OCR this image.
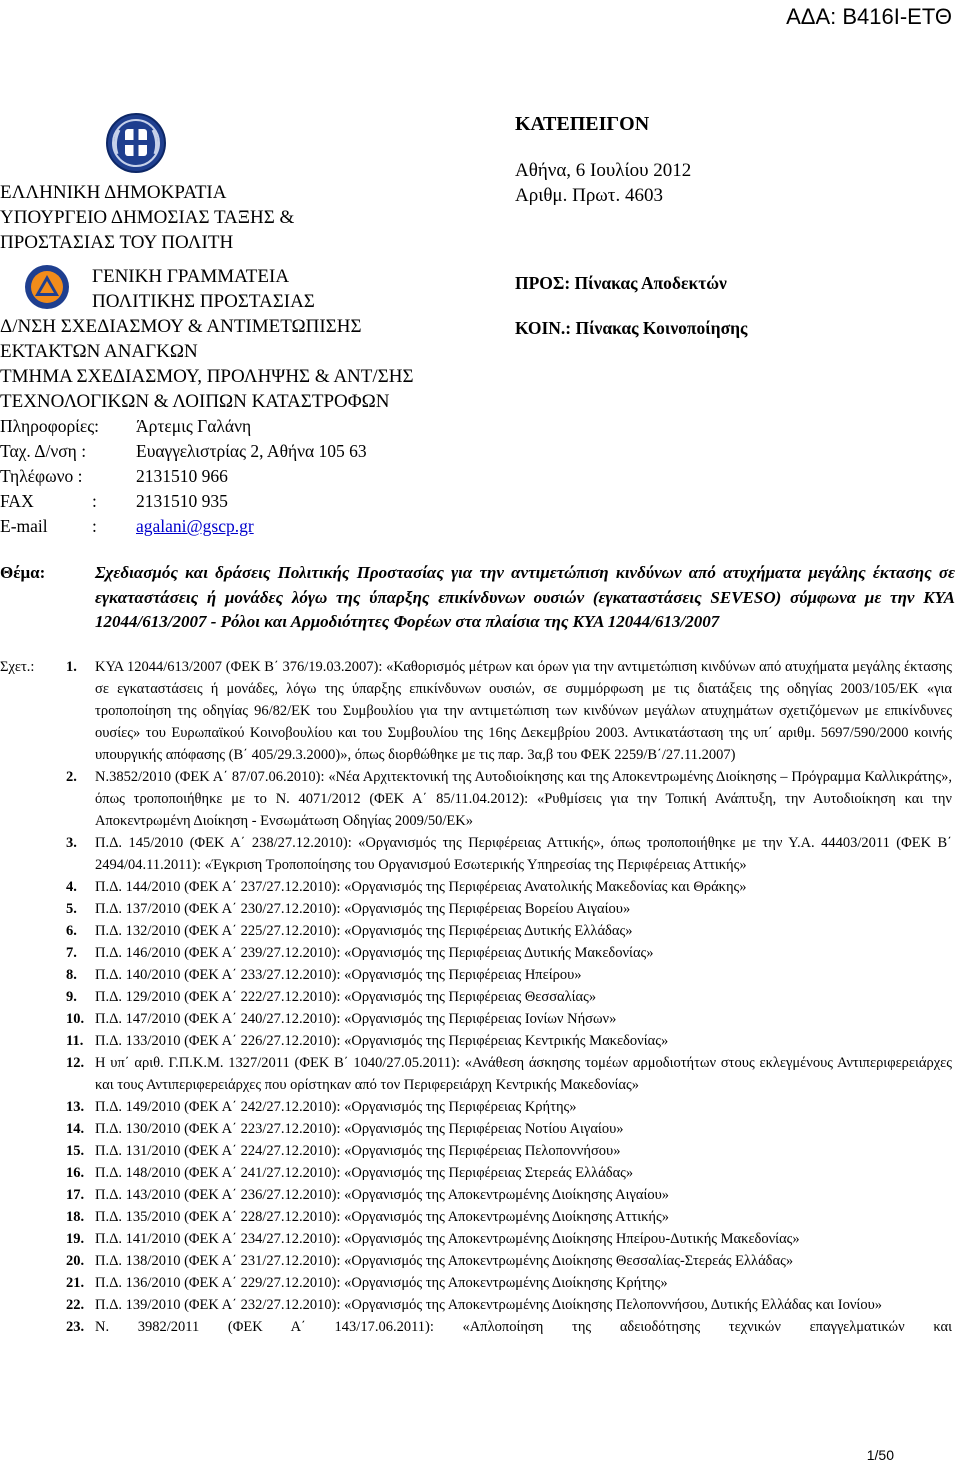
ΑΔΑ: Β416Ι-ΕΤΘ
ΕΛΛΗΝΙΚΗ ΔΗΜΟΚΡΑΤΙΑ
ΥΠΟΥΡΓΕΙΟ ΔΗΜΟΣΙΑΣ ΤΑΞΗΣ &
ΠΡΟΣΤΑΣΙΑΣ ΤΟΥ ΠΟΛΙΤΗ
ΓΕΝΙΚΗ ΓΡΑΜΜΑΤΕΙΑ
ΠΟΛΙΤΙΚΗΣ ΠΡΟΣΤΑΣΙΑΣ
Δ/ΝΣΗ ΣΧΕΔΙΑΣΜΟΥ & ΑΝΤΙΜΕΤΩΠΙΣΗΣ
ΕΚΤΑΚΤΩΝ ΑΝΑΓΚΩΝ
ΤΜΗΜΑ ΣΧΕΔΙΑΣΜΟΥ, ΠΡΟΛΗΨΗΣ & ΑΝΤ/ΣΗΣ
ΤΕΧΝΟΛΟΓΙΚΩΝ & ΛΟΙΠΩΝ ΚΑΤΑΣΤΡΟΦΩΝ
Πληροφορίες:	Άρτεμις Γαλάνη
Ταχ. Δ/νση :	Ευαγγελιστρίας 2, Αθήνα 105 63
Τηλέφωνο :	2131510 966
FAX	: 2131510 935
E-mail	: agalani@gscp.gr
ΚΑΤΕΠΕΙΓΟΝ
Αθήνα, 6 Ιουλίου 2012
Αριθμ. Πρωτ. 4603
ΠΡΟΣ: Πίνακας Αποδεκτών
ΚΟΙΝ.: Πίνακας Κοινοποίησης
Θέμα:	Σχεδιασμός και δράσεις Πολιτικής Προστασίας για την αντιμετώπιση κινδύνων από ατυχήματα μεγάλης έκτασης σε εγκαταστάσεις ή μονάδες λόγω της ύπαρξης επικίνδυνων ουσιών (εγκαταστάσεις SEVESO) σύμφωνα με την ΚΥΑ 12044/613/2007 - Ρόλοι και Αρμοδιότητες Φορέων στα πλαίσια της ΚΥΑ 12044/613/2007
Σχετ.: 1. ΚΥΑ 12044/613/2007 (ΦΕΚ Β΄ 376/19.03.2007): «Καθορισμός μέτρων και όρων για την αντιμετώπιση κινδύνων από ατυχήματα μεγάλης έκτασης σε εγκαταστάσεις ή μονάδες, λόγω της ύπαρξης επικίνδυνων ουσιών, σε συμμόρφωση με τις διατάξεις της οδηγίας 2003/105/ΕΚ «για τροποποίηση της οδηγίας 96/82/ΕΚ του Συμβουλίου για την αντιμετώπιση των κινδύνων μεγάλων ατυχημάτων σχετιζόμενων με επικίνδυνες ουσίες» του Ευρωπαϊκού Κοινοβουλίου και του Συμβουλίου της 16ης Δεκεμβρίου 2003. Αντικατάσταση της υπ΄ αριθμ. 5697/590/2000 κοινής υπουργικής απόφασης (Β΄ 405/29.3.2000)», όπως διορθώθηκε με τις παρ. 3α,β του ΦΕΚ 2259/Β΄/27.11.2007)
2. Ν.3852/2010 (ΦΕΚ Α΄ 87/07.06.2010): «Νέα Αρχιτεκτονική της Αυτοδιοίκησης και της Αποκεντρωμένης Διοίκησης – Πρόγραμμα Καλλικράτης», όπως τροποποιήθηκε με το Ν. 4071/2012 (ΦΕΚ Α΄ 85/11.04.2012): «Ρυθμίσεις για την Τοπική Ανάπτυξη, την Αυτοδιοίκηση και την Αποκεντρωμένη Διοίκηση - Ενσωμάτωση Οδηγίας 2009/50/ΕΚ»
3. Π.Δ. 145/2010 (ΦΕΚ Α΄ 238/27.12.2010): «Οργανισμός της Περιφέρειας Αττικής», όπως τροποποιήθηκε με την Υ.Α. 44403/2011 (ΦΕΚ Β΄ 2494/04.11.2011): «Έγκριση Τροποποίησης του Οργανισμού Εσωτερικής Υπηρεσίας της Περιφέρειας Αττικής»
4. Π.Δ. 144/2010 (ΦΕΚ Α΄ 237/27.12.2010): «Οργανισμός της Περιφέρειας Ανατολικής Μακεδονίας και Θράκης»
5. Π.Δ. 137/2010 (ΦΕΚ Α΄ 230/27.12.2010): «Οργανισμός της Περιφέρειας Βορείου Αιγαίου»
6. Π.Δ. 132/2010 (ΦΕΚ Α΄ 225/27.12.2010): «Οργανισμός της Περιφέρειας Δυτικής Ελλάδας»
7. Π.Δ. 146/2010 (ΦΕΚ Α΄ 239/27.12.2010): «Οργανισμός της Περιφέρειας Δυτικής Μακεδονίας»
8. Π.Δ. 140/2010 (ΦΕΚ Α΄ 233/27.12.2010): «Οργανισμός της Περιφέρειας Ηπείρου»
9. Π.Δ. 129/2010 (ΦΕΚ Α΄ 222/27.12.2010): «Οργανισμός της Περιφέρειας Θεσσαλίας»
10. Π.Δ. 147/2010 (ΦΕΚ Α΄ 240/27.12.2010): «Οργανισμός της Περιφέρειας Ιονίων Νήσων»
11. Π.Δ. 133/2010 (ΦΕΚ Α΄ 226/27.12.2010): «Οργανισμός της Περιφέρειας Κεντρικής Μακεδονίας»
12. Η υπ΄ αριθ. Γ.Π.Κ.Μ. 1327/2011 (ΦΕΚ Β΄ 1040/27.05.2011): «Ανάθεση άσκησης τομέων αρμοδιοτήτων στους εκλεγμένους Αντιπεριφερειάρχες και τους Αντιπεριφερειάρχες που ορίστηκαν από τον Περιφερειάρχη Κεντρικής Μακεδονίας»
13. Π.Δ. 149/2010 (ΦΕΚ Α΄ 242/27.12.2010): «Οργανισμός της Περιφέρειας Κρήτης»
14. Π.Δ. 130/2010 (ΦΕΚ Α΄ 223/27.12.2010): «Οργανισμός της Περιφέρειας Νοτίου Αιγαίου»
15. Π.Δ. 131/2010 (ΦΕΚ Α΄ 224/27.12.2010): «Οργανισμός της Περιφέρειας Πελοποννήσου»
16. Π.Δ. 148/2010 (ΦΕΚ Α΄ 241/27.12.2010): «Οργανισμός της Περιφέρειας Στερεάς Ελλάδας»
17. Π.Δ. 143/2010 (ΦΕΚ Α΄ 236/27.12.2010): «Οργανισμός της Αποκεντρωμένης Διοίκησης Αιγαίου»
18. Π.Δ. 135/2010 (ΦΕΚ Α΄ 228/27.12.2010): «Οργανισμός της Αποκεντρωμένης Διοίκησης Αττικής»
19. Π.Δ. 141/2010 (ΦΕΚ Α΄ 234/27.12.2010): «Οργανισμός της Αποκεντρωμένης Διοίκησης Ηπείρου-Δυτικής Μακεδονίας»
20. Π.Δ. 138/2010 (ΦΕΚ Α΄ 231/27.12.2010): «Οργανισμός της Αποκεντρωμένης Διοίκησης Θεσσαλίας-Στερεάς Ελλάδας»
21. Π.Δ. 136/2010 (ΦΕΚ Α΄ 229/27.12.2010): «Οργανισμός της Αποκεντρωμένης Διοίκησης Κρήτης»
22. Π.Δ. 139/2010 (ΦΕΚ Α΄ 232/27.12.2010): «Οργανισμός της Αποκεντρωμένης Διοίκησης Πελοποννήσου, Δυτικής Ελλάδας και Ιονίου»
23. Ν. 3982/2011 (ΦΕΚ Α΄ 143/17.06.2011): «Απλοποίηση της αδειοδότησης τεχνικών επαγγελματικών και
1/50
